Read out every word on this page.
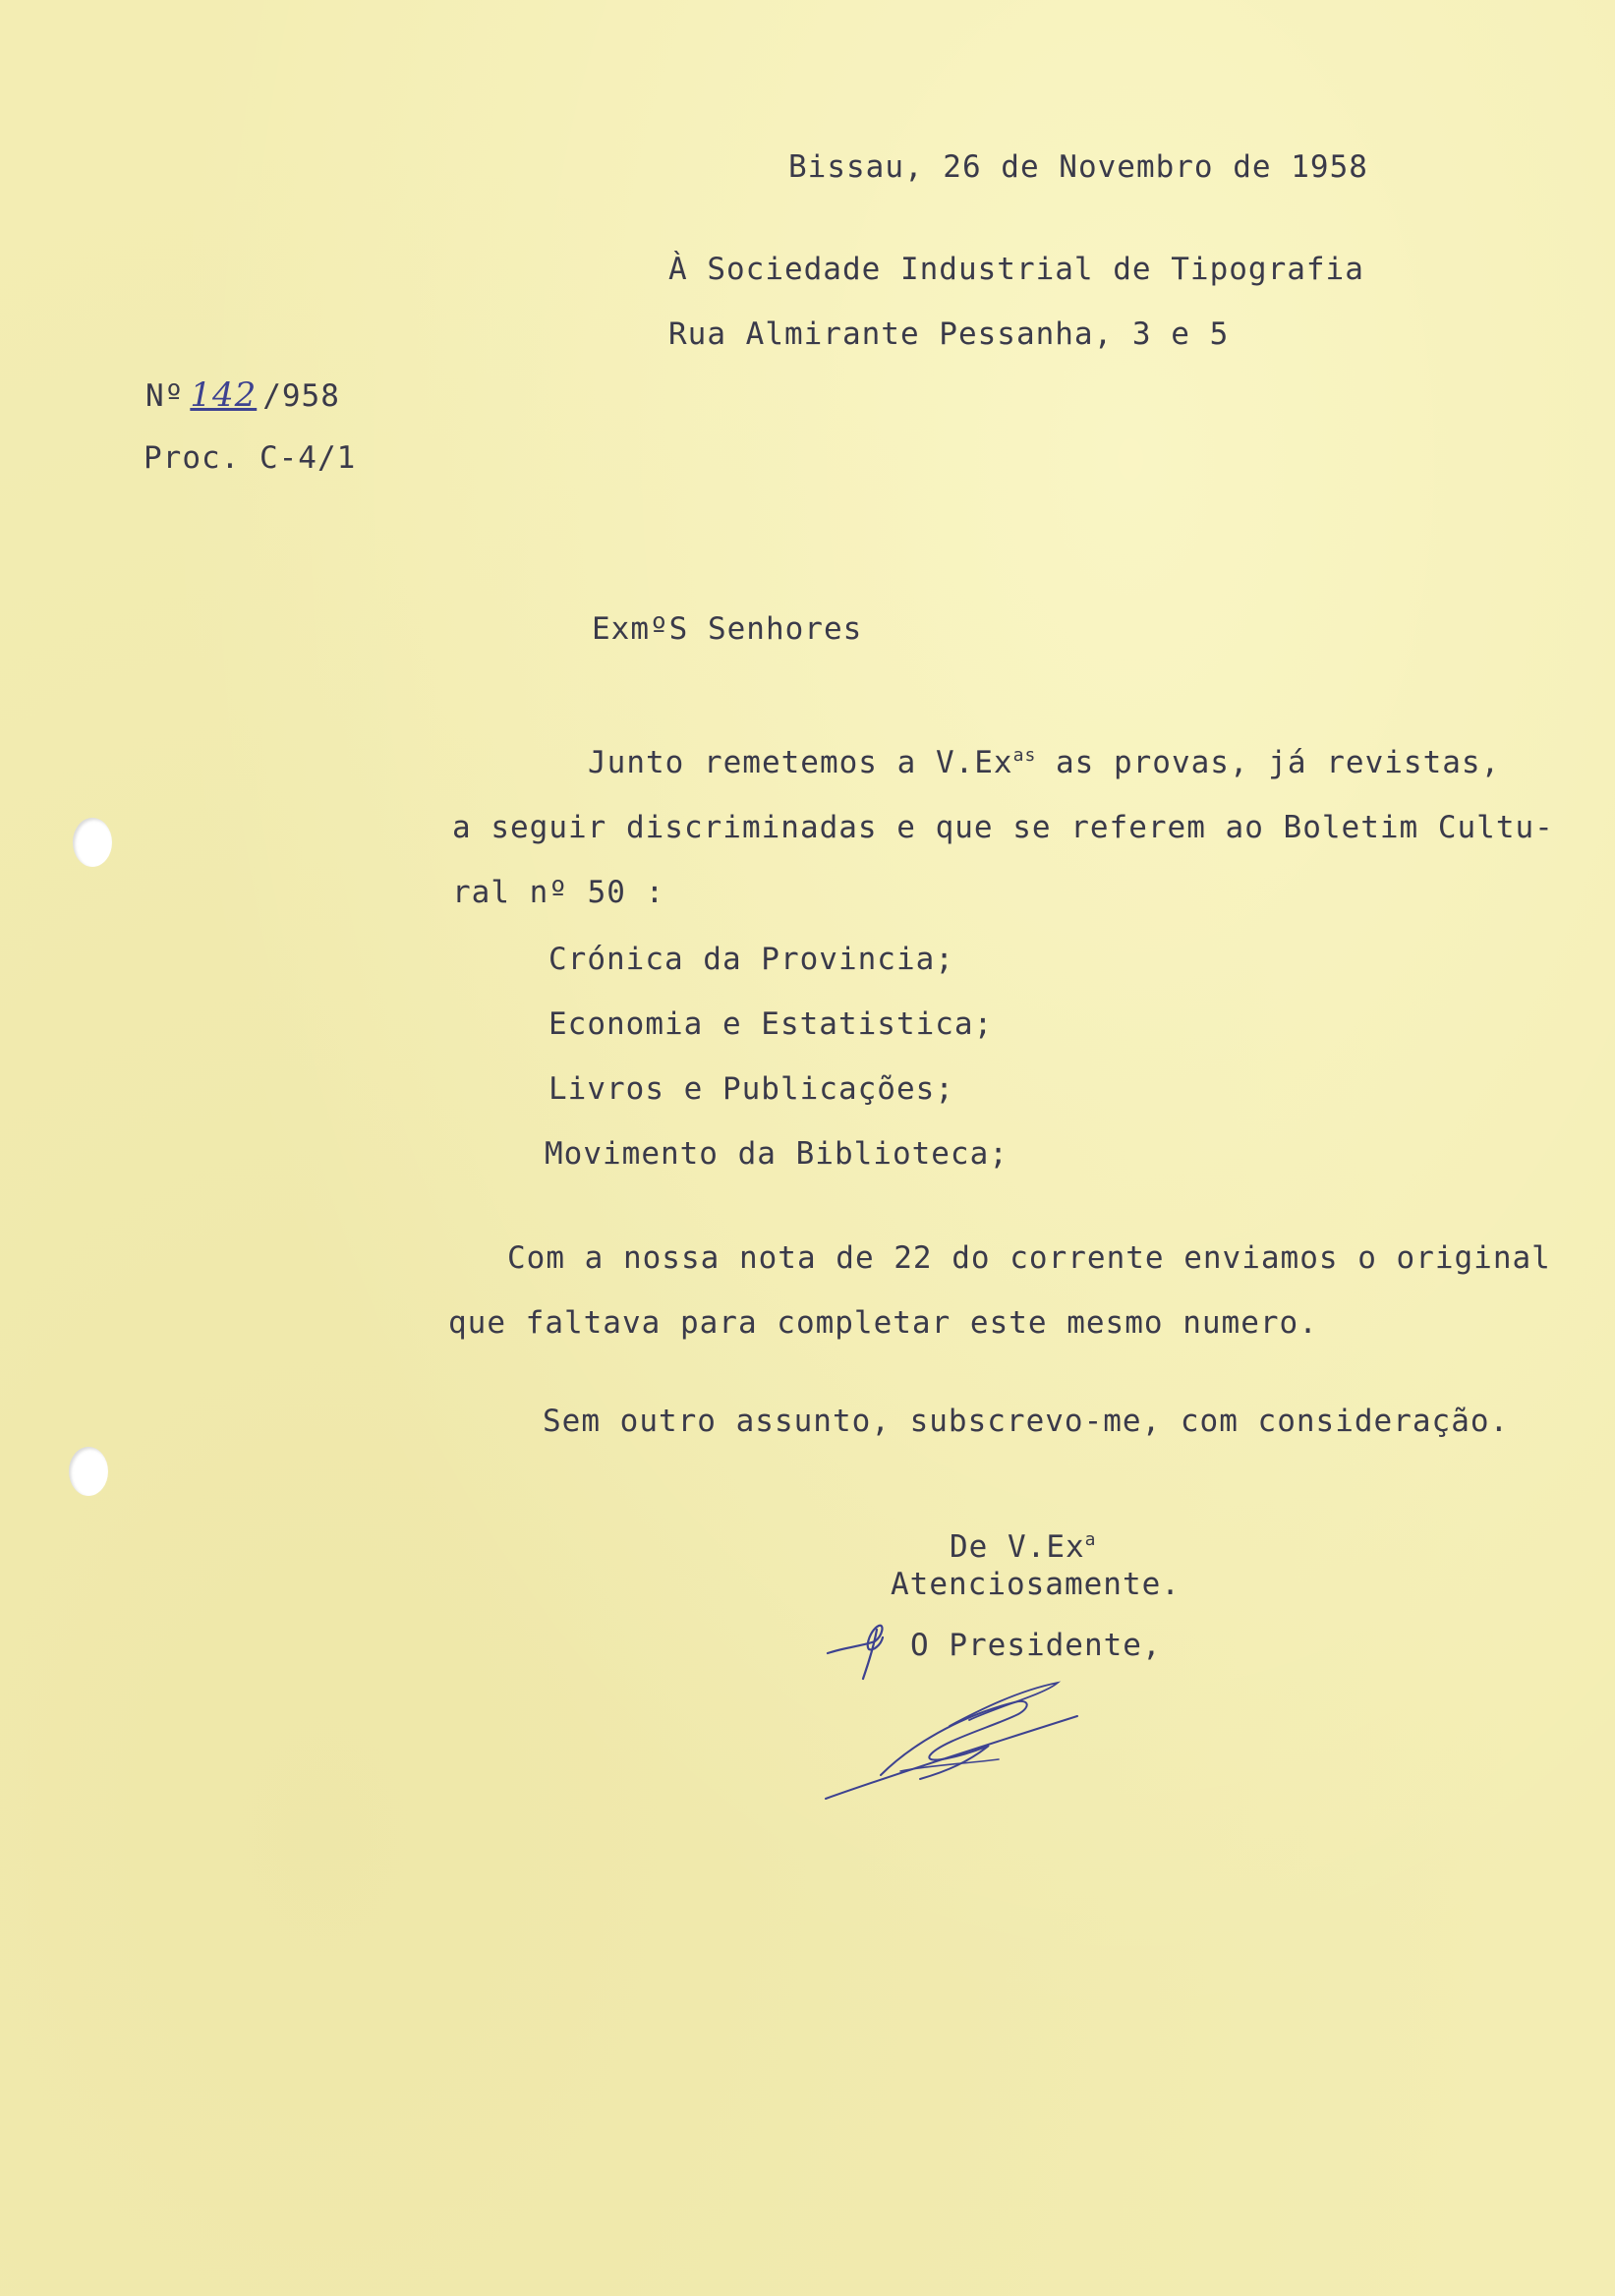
Bissau, 26 de Novembro de 1958

À Sociedade Industrial de Tipografia

Rua Almirante Pessanha, 3 e 5

Nº 142 /958

Proc. C-4/1

ExmºS Senhores

Junto remetemos a $V.Ex^{as}$ as provas, já revistas,

a seguir discriminadas e que se referem ao Boletim Cultu-

ral nº 50 :

Crónica da Provincia;

Economia e Estatistica;

Livros e Publicações;

Movimento da Biblioteca;

Com a nossa nota de 22 do corrente enviamos o original

que faltava para completar este mesmo numero.

Sem outro assunto, subscrevo-me, com consideração.

De V.Ex$^a$

Atenciosamente.

O Presidente,
